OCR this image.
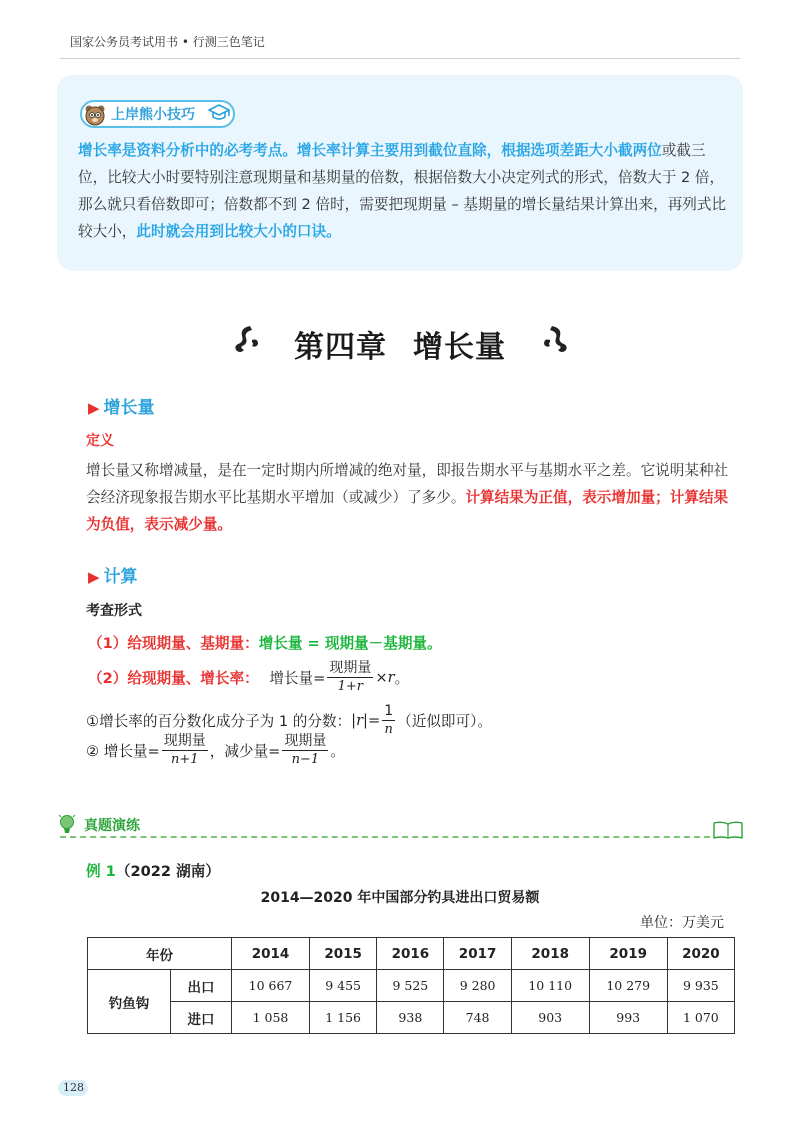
国家公务员考试用书 • 行测三色笔记
上岸熊小技巧
增长率是资料分析中的必考考点。增长率计算主要用到截位直除，根据选项差距大小截两位或截三位，比较大小时要特别注意现期量和基期量的倍数，根据倍数大小决定列式的形式，倍数大于 2 倍，那么就只看倍数即可；倍数都不到 2 倍时，需要把现期量 – 基期量的增长量结果计算出来，再列式比较大小，此时就会用到比较大小的口诀。
第四章 增长量
▶ 增长量
定义
增长量又称增减量，是在一定时期内所增减的绝对量，即报告期水平与基期水平之差。它说明某种社会经济现象报告期水平比基期水平增加（或减少）了多少。计算结果为正值，表示增加量；计算结果为负值，表示减少量。
▶ 计算
考查形式
（1）给现期量、基期量：增长量 = 现期量－基期量。
（2）给现期量、增长率： 增长量= $\frac{\text{现期量}}{1+r} \times r$。
①增长率的百分数化成分子为 1 的分数：$|r|= \frac{1}{n}$ （近似即可）。
② 增长量= $\frac{\text{现期量}}{n+1}$ ，减少量= $\frac{\text{现期量}}{n-1}$ 。
真题演练
例 1（2022 湖南）
2014—2020 年中国部分钓具进出口贸易额
单位：万美元
年份		2014	2015	2016	2017	2018	2019	2020
钓鱼钩	出口	10 667	9 455	9 525	9 280	10 110	10 279	9 935
	进口	1 058	1 156	938	748	903	993	1 070
128
